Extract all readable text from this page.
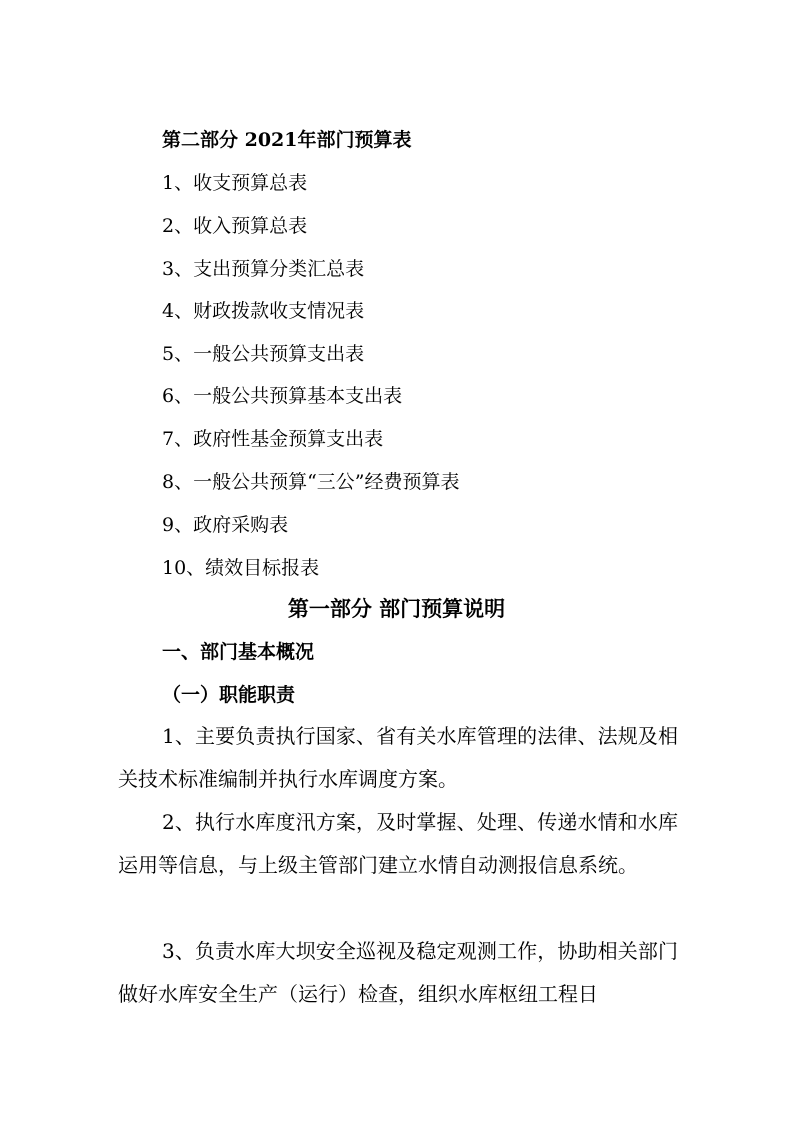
第二部分 2021年部门预算表
1、收支预算总表
2、收入预算总表
3、支出预算分类汇总表
4、财政拨款收支情况表
5、一般公共预算支出表
6、一般公共预算基本支出表
7、政府性基金预算支出表
8、一般公共预算“三公”经费预算表
9、政府采购表
10、绩效目标报表
第一部分 部门预算说明
一、部门基本概况
（一）职能职责
1、主要负责执行国家、省有关水库管理的法律、法规及相关技术标准编制并执行水库调度方案。
2、执行水库度汛方案，及时掌握、处理、传递水情和水库运用等信息，与上级主管部门建立水情自动测报信息系统。
3、负责水库大坝安全巡视及稳定观测工作，协助相关部门做好水库安全生产（运行）检查，组织水库枢纽工程日
